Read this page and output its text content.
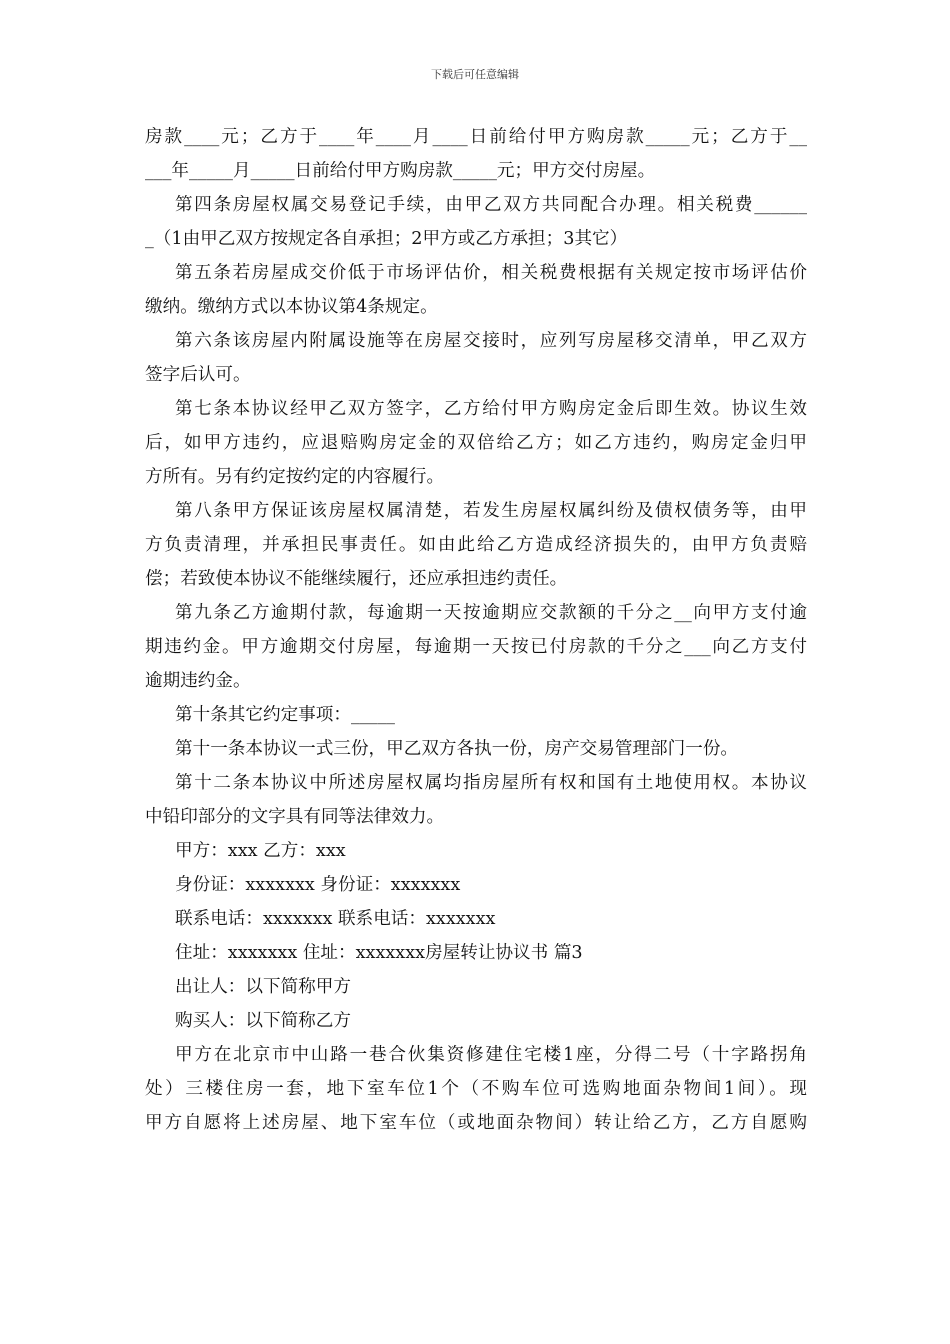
下载后可任意编辑
房款____元；乙方于____年____月____日前给付甲方购房款_____元；乙方于__
___年_____月_____日前给付甲方购房款_____元；甲方交付房屋。
第四条房屋权属交易登记手续，由甲乙双方共同配合办理。相关税费______
_（1由甲乙双方按规定各自承担；2甲方或乙方承担；3其它）
第五条若房屋成交价低于市场评估价，相关税费根据有关规定按市场评估价
缴纳。缴纳方式以本协议第4条规定。
第六条该房屋内附属设施等在房屋交接时，应列写房屋移交清单，甲乙双方
签字后认可。
第七条本协议经甲乙双方签字，乙方给付甲方购房定金后即生效。协议生效
后，如甲方违约，应退赔购房定金的双倍给乙方；如乙方违约，购房定金归甲
方所有。另有约定按约定的内容履行。
第八条甲方保证该房屋权属清楚，若发生房屋权属纠纷及债权债务等，由甲
方负责清理，并承担民事责任。如由此给乙方造成经济损失的，由甲方负责赔
偿；若致使本协议不能继续履行，还应承担违约责任。
第九条乙方逾期付款，每逾期一天按逾期应交款额的千分之__向甲方支付逾
期违约金。甲方逾期交付房屋，每逾期一天按已付房款的千分之___向乙方支付
逾期违约金。
第十条其它约定事项：_____
第十一条本协议一式三份，甲乙双方各执一份，房产交易管理部门一份。
第十二条本协议中所述房屋权属均指房屋所有权和国有土地使用权。本协议
中铅印部分的文字具有同等法律效力。
甲方：xxx 乙方：xxx
身份证：xxxxxxx 身份证：xxxxxxx
联系电话：xxxxxxx 联系电话：xxxxxxx
住址：xxxxxxx 住址：xxxxxxx房屋转让协议书 篇3
出让人：以下简称甲方
购买人：以下简称乙方
甲方在北京市中山路一巷合伙集资修建住宅楼1座，分得二号（十字路拐角
处）三楼住房一套，地下室车位1个（不购车位可选购地面杂物间1间）。现
甲方自愿将上述房屋、地下室车位（或地面杂物间）转让给乙方，乙方自愿购
